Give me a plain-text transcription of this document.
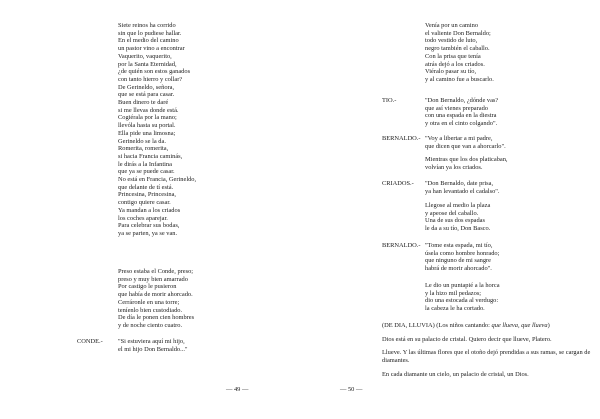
Siete reinos ha corrido
sin que lo pudiese hallar.
En el medio del camino
un pastor vino a encontrar
Vaquerito, vaquerito,
por la Santa Eternidad,
¿de quién son estos ganados
con tanto hierro y collar?
De Gerineldo, señora,
que se está para casar.
Buen dinero te daré
si me llevas donde está.
Cogiérala por la mano;
llevóla hasta su portal.
Ella pide una limosna;
Gerineldo se la da.
Romerita, romerita,
si hacia Francia caminás,
le dirás a la Infantina
que ya se puede casar.
No está en Francia, Gerineldo,
que delante de tí está.
Princesina, Princesina,
contigo quiere casar.
Ya mandan a los criados
los coches aparejar.
Para celebrar sus bodas,
ya se parten, ya se van.
Preso estaba el Conde, preso;
preso y muy bien amarrado
Por castigo le pusieron
que había de morir ahorcado.
Cerráronle en una torre;
teníenlo bien custodiado.
De día le ponen cien hombres
y de noche ciento cuatro.
CONDE.- "Si estuviera aquí mi hijo,
el mi hijo Don Bernaldo..."
— 49 —
Venía por un camino
el valiente Don Bernaldo;
todo vestido de luto,
negro también el caballo.
Con la prisa que tenía
atrás dejó a los criados.
Viéralo pasar su tío,
y al camino fue a buscarlo.
TIO.-	"Don Bernaldo, ¿dónde vas?
que así vienes preparado
con una espada en la diestra
y otra en el cinto colgando".
BERNALDO.- "Voy a libertar a mi padre,
que dicen que van a ahorcarlo".
Mientras que los dos platicaban,
volvían ya los criados.
CRIADOS.- "Don Bernaldo, date prisa,
ya han levantado el cadalso".
Llegose al medio la plaza
y apeose del caballo.
Una de sus dos espadas
le da a su tío, Don Basco.
BERNALDO.- "Tome esta espada, mi tío,
úsela como hombre honrado;
que ninguno de mi sangre
habrá de morir ahorcado".
Le dio un puntapié a la horca
y la hizo mil pedazos;
dio una estocada al verdugo:
la cabeza le ha cortado.

(DE DIA, LLUVIA) (Los niños cantando: que llueva, que llueva)

Dios está en su palacio de cristal. Quiero decir que llueve, Platero.

Llueve. Y las últimas flores que el otoño dejó prendidas a sus ramas, se cargan de diamantes.

En cada diamante un cielo, un palacio de cristal, un Dios.

— 50 —
